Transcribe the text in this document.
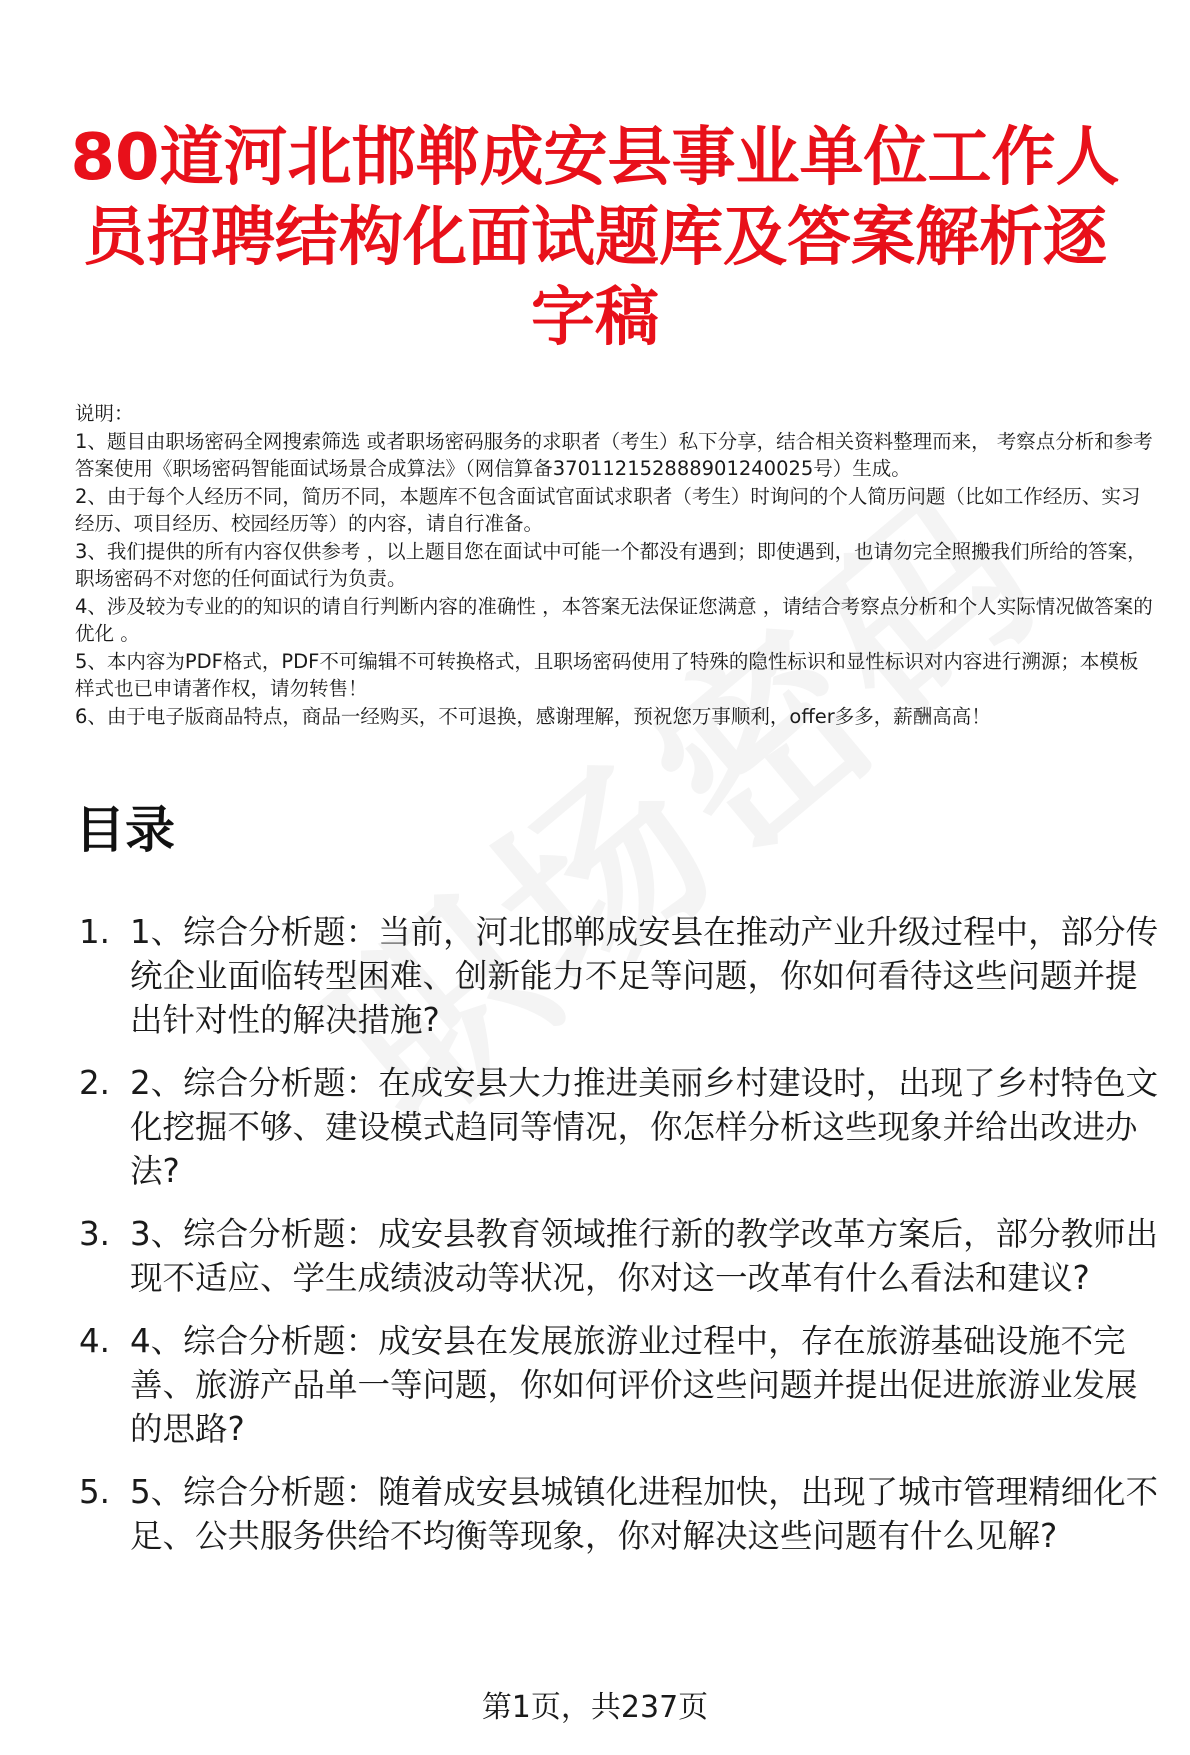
80道河北邯郸成安县事业单位工作人员招聘结构化面试题库及答案解析逐字稿

说明：

1、题目由职场密码全网搜索筛选 或者职场密码服务的求职者（考生）私下分享，结合相关资料整理而来， 考察点分析和参考答案使用《职场密码智能面试场景合成算法》（网信算备370112152888901240025号）生成。

2、由于每个人经历不同，简历不同，本题库不包含面试官面试求职者（考生）时询问的个人简历问题（比如工作经历、实习经历、项目经历、校园经历等）的内容，请自行准备。

3、我们提供的所有内容仅供参考 ，以上题目您在面试中可能一个都没有遇到；即使遇到，也请勿完全照搬我们所给的答案，职场密码不对您的任何面试行为负责。

4、涉及较为专业的的知识的请自行判断内容的准确性 ，本答案无法保证您满意 ，请结合考察点分析和个人实际情况做答案的优化 。

5、本内容为PDF格式，PDF不可编辑不可转换格式，且职场密码使用了特殊的隐性标识和显性标识对内容进行溯源；本模板样式也已申请著作权，请勿转售！

6、由于电子版商品特点，商品一经购买，不可退换，感谢理解，预祝您万事顺利，offer多多，薪酬高高！

目录
1. 1、综合分析题：当前，河北邯郸成安县在推动产业升级过程中，部分传统企业面临转型困难、创新能力不足等问题，你如何看待这些问题并提出针对性的解决措施?
2. 2、综合分析题：在成安县大力推进美丽乡村建设时，出现了乡村特色文化挖掘不够、建设模式趋同等情况，你怎样分析这些现象并给出改进办法?
3. 3、综合分析题：成安县教育领域推行新的教学改革方案后，部分教师出现不适应、学生成绩波动等状况，你对这一改革有什么看法和建议?
4. 4、综合分析题：成安县在发展旅游业过程中，存在旅游基础设施不完善、旅游产品单一等问题，你如何评价这些问题并提出促进旅游业发展的思路?
5. 5、综合分析题：随着成安县城镇化进程加快，出现了城市管理精细化不足、公共服务供给不均衡等现象，你对解决这些问题有什么见解?
第1页，共237页
